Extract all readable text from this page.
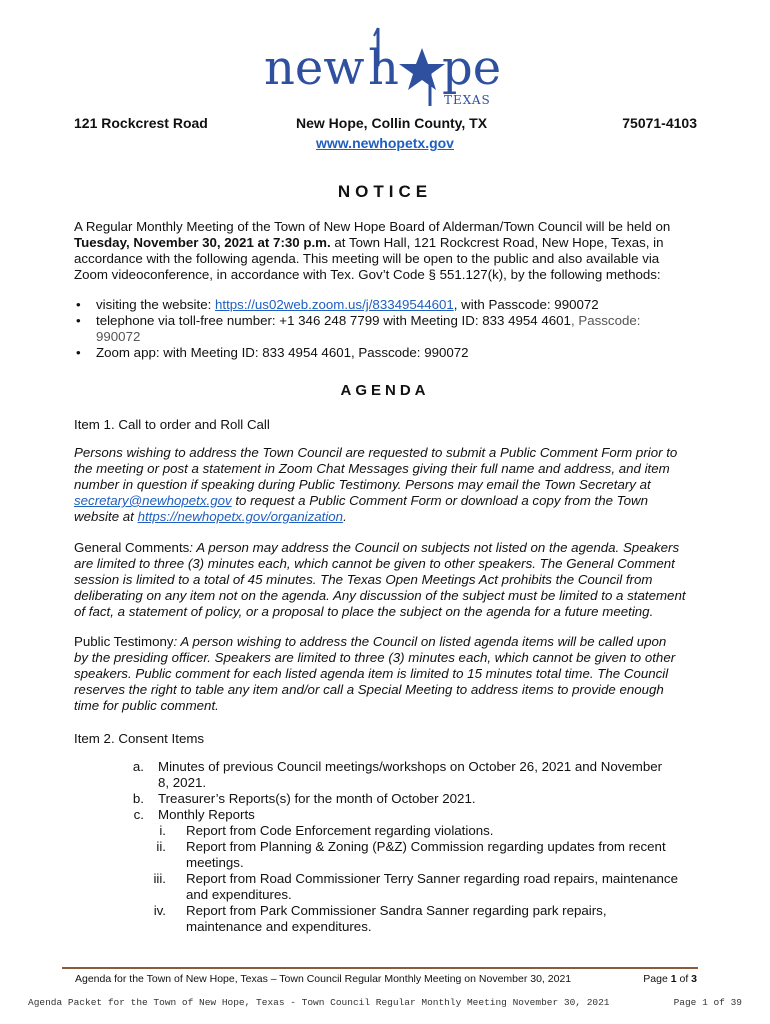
new h pe
TEXAS
121 Rockcrest Road	New Hope, Collin County, TX	75071-4103
www.newhopetx.gov
NOTICE
A Regular Monthly Meeting of the Town of New Hope Board of Alderman/Town Council will be held on
Tuesday, November 30, 2021 at 7:30 p.m. at Town Hall, 121 Rockcrest Road, New Hope, Texas, in
accordance with the following agenda. This meeting will be open to the public and also available via
Zoom videoconference, in accordance with Tex. Gov’t Code § 551.127(k), by the following methods:
• visiting the website: https://us02web.zoom.us/j/83349544601, with Passcode: 990072
• telephone via toll-free number: +1 346 248 7799 with Meeting ID: 833 4954 4601, Passcode:
990072
• Zoom app: with Meeting ID: 833 4954 4601, Passcode: 990072
AGENDA
Item 1. Call to order and Roll Call
Persons wishing to address the Town Council are requested to submit a Public Comment Form prior to
the meeting or post a statement in Zoom Chat Messages giving their full name and address, and item
number in question if speaking during Public Testimony. Persons may email the Town Secretary at
secretary@newhopetx.gov to request a Public Comment Form or download a copy from the Town
website at https://newhopetx.gov/organization.
General Comments: A person may address the Council on subjects not listed on the agenda. Speakers
are limited to three (3) minutes each, which cannot be given to other speakers. The General Comment
session is limited to a total of 45 minutes. The Texas Open Meetings Act prohibits the Council from
deliberating on any item not on the agenda. Any discussion of the subject must be limited to a statement
of fact, a statement of policy, or a proposal to place the subject on the agenda for a future meeting.
Public Testimony: A person wishing to address the Council on listed agenda items will be called upon
by the presiding officer. Speakers are limited to three (3) minutes each, which cannot be given to other
speakers. Public comment for each listed agenda item is limited to 15 minutes total time. The Council
reserves the right to table any item and/or call a Special Meeting to address items to provide enough
time for public comment.
Item 2. Consent Items
a. Minutes of previous Council meetings/workshops on October 26, 2021 and November
8, 2021.
b. Treasurer’s Reports(s) for the month of October 2021.
c. Monthly Reports
i. Report from Code Enforcement regarding violations.
ii. Report from Planning & Zoning (P&Z) Commission regarding updates from recent
meetings.
iii. Report from Road Commissioner Terry Sanner regarding road repairs, maintenance
and expenditures.
iv. Report from Park Commissioner Sandra Sanner regarding park repairs,
maintenance and expenditures.
Agenda for the Town of New Hope, Texas – Town Council Regular Monthly Meeting on November 30, 2021	Page 1 of 3
Agenda Packet for the Town of New Hope, Texas - Town Council Regular Monthly Meeting November 30, 2021	Page 1 of 39
